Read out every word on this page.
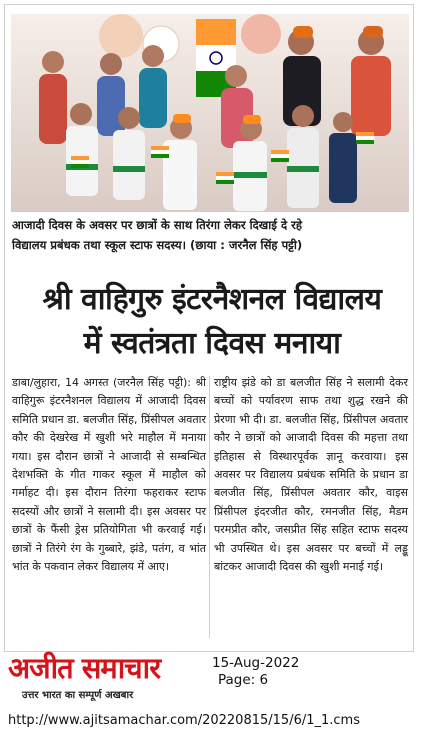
आजादी दिवस के अवसर पर छात्रों के साथ तिरंगा लेकर दिखाई दे रहे

विद्यालय प्रबंधक तथा स्कूल स्टाफ सदस्य। (छाया : जरनैल सिंह पट्टी)

श्री वाहिगुरु इंटरनैशनल विद्यालय

में स्वतंत्रता दिवस मनाया

डाबा/लुहारा, 14 अगस्त (जरनैल सिंह पट्टी): श्री वाहिगुरू इंटरनैशनल विद्यालय में आजादी दिवस समिति प्रधान डा. बलजीत सिंह, प्रिंसीपल अवतार कौर की देखरेख में खुशी भरे माहौल में मनाया गया। इस दौरान छात्रों ने आजादी से सम्बन्धित देशभक्ति के गीत गाकर स्कूल में माहौल को गर्माहट दी। इस दौरान तिरंगा फहराकर स्टाफ सदस्यों और छात्रों ने सलामी दी। इस अवसर पर छात्रों के फैंसी ड्रेस प्रतियोगिता भी करवाई गई। छात्रों ने तिरंगे रंग के गुब्बारे, झंडे, पतंग, व भांत भांत के पकवान लेकर विद्यालय में आए।

राष्ट्रीय झंडे को डा बलजीत सिंह ने सलामी देकर बच्चों को पर्यावरण साफ तथा शुद्ध रखने की प्रेरणा भी दी। डा. बलजीत सिंह, प्रिंसीपल अवतार कौर ने छात्रों को आजादी दिवस की महत्ता तथा इतिहास से विस्थारपूर्वक ज्ञानू करवाया। इस अवसर पर विद्यालय प्रबंधक समिति के प्रधान डा बलजीत सिंह, प्रिंसीपल अवतार कौर, वाइस प्रिंसीपल इंदरजीत कौर, रमनजीत सिंह, मैडम परमप्रीत कौर, जसप्रीत सिंह सहित स्टाफ सदस्य भी उपस्थित थे। इस अवसर पर बच्चों में लड्डू बांटकर आजादी दिवस की खुशी मनाई गई।

अजीत समाचार
उत्तर भारत का सम्पूर्ण अखबार
15-Aug-2022
Page: 6
http://www.ajitsamachar.com/20220815/15/6/1_1.cms
